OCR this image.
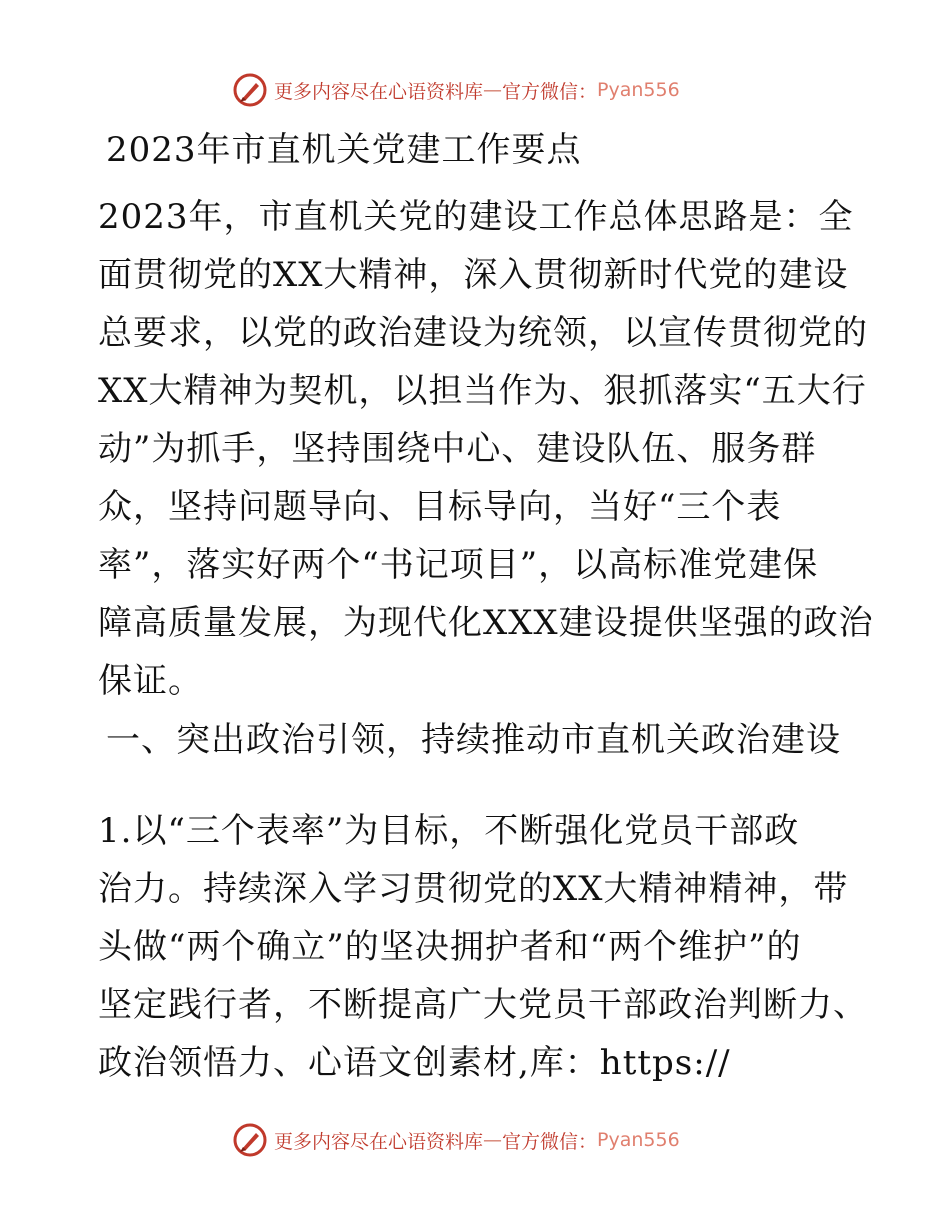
更多内容尽在心语资料库 — 官方微信： Pyan556
2023年市直机关党建工作要点

2023年，市直机关党的建设工作总体思路是：全
面贯彻党的XX大精神，深入贯彻新时代党的建设
总要求，以党的政治建设为统领，以宣传贯彻党的
XX大精神为契机，以担当作为、狠抓落实“五大行
动”为抓手，坚持围绕中心、建设队伍、服务群
众，坚持问题导向、目标导向，当好“三个表
率”，落实好两个“书记项目”，以高标准党建保
障高质量发展，为现代化XXX建设提供坚强的政治
保证。

一、突出政治引领，持续推动市直机关政治建设

1.以“三个表率”为目标，不断强化党员干部政
治力。持续深入学习贯彻党的XX大精神精神，带
头做“两个确立”的坚决拥护者和“两个维护”的
坚定践行者，不断提高广大党员干部政治判断力、
政治领悟力、心语文创素材,库：https://

更多内容尽在心语资料库 — 官方微信： Pyan556
